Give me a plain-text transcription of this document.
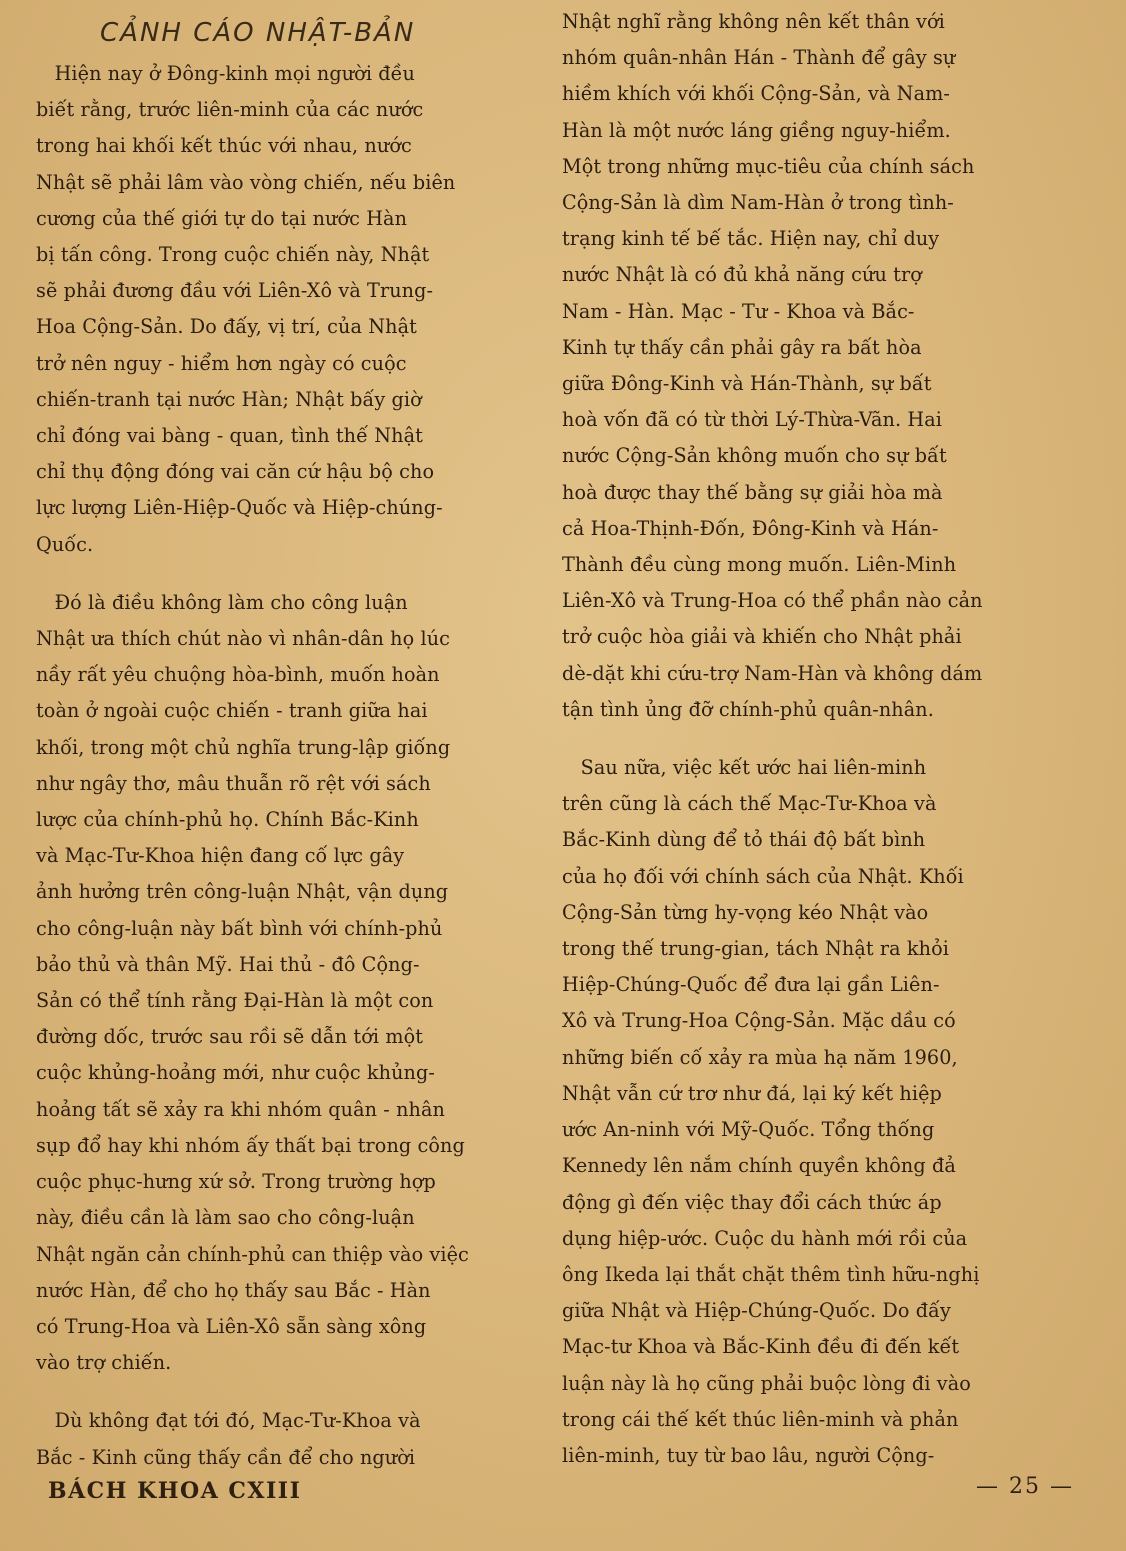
CẢNH CÁO NHẬT-BẢN

Hiện nay ở Đông-kinh mọi người đều
biết rằng, trước liên-minh của các nước
trong hai khối kết thúc với nhau, nước
Nhật sẽ phải lâm vào vòng chiến, nếu biên
cương của thế giới tự do tại nước Hàn
bị tấn công. Trong cuộc chiến này, Nhật
sẽ phải đương đầu với Liên-Xô và Trung-
Hoa Cộng-Sản. Do đấy, vị trí, của Nhật
trở nên nguy - hiểm hơn ngày có cuộc
chiến-tranh tại nước Hàn; Nhật bấy giờ
chỉ đóng vai bàng - quan, tình thế Nhật
chỉ thụ động đóng vai căn cứ hậu bộ cho
lực lượng Liên-Hiệp-Quốc và Hiệp-chúng-
Quốc.

Đó là điều không làm cho công luận
Nhật ưa thích chút nào vì nhân-dân họ lúc
nầy rất yêu chuộng hòa-bình, muốn hoàn
toàn ở ngoài cuộc chiến - tranh giữa hai
khối, trong một chủ nghĩa trung-lập giống
như ngây thơ, mâu thuẫn rõ rệt với sách
lược của chính-phủ họ. Chính Bắc-Kinh
và Mạc-Tư-Khoa hiện đang cố lực gây
ảnh hưởng trên công-luận Nhật, vận dụng
cho công-luận này bất bình với chính-phủ
bảo thủ và thân Mỹ. Hai thủ - đô Cộng-
Sản có thể tính rằng Đại-Hàn là một con
đường dốc, trước sau rồi sẽ dẫn tới một
cuộc khủng-hoảng mới, như cuộc khủng-
hoảng tất sẽ xảy ra khi nhóm quân - nhân
sụp đổ hay khi nhóm ấy thất bại trong công
cuộc phục-hưng xứ sở. Trong trường hợp
này, điều cần là làm sao cho công-luận
Nhật ngăn cản chính-phủ can thiệp vào việc
nước Hàn, để cho họ thấy sau Bắc - Hàn
có Trung-Hoa và Liên-Xô sẵn sàng xông
vào trợ chiến.

Dù không đạt tới đó, Mạc-Tư-Khoa và
Bắc - Kinh cũng thấy cần để cho người

Nhật nghĩ rằng không nên kết thân với
nhóm quân-nhân Hán - Thành để gây sự
hiềm khích với khối Cộng-Sản, và Nam-
Hàn là một nước láng giềng nguy-hiểm.
Một trong những mục-tiêu của chính sách
Cộng-Sản là dìm Nam-Hàn ở trong tình-
trạng kinh tế bế tắc. Hiện nay, chỉ duy
nước Nhật là có đủ khả năng cứu trợ
Nam - Hàn. Mạc - Tư - Khoa và Bắc-
Kinh tự thấy cần phải gây ra bất hòa
giữa Đông-Kinh và Hán-Thành, sự bất
hoà vốn đã có từ thời Lý-Thừa-Vãn. Hai
nước Cộng-Sản không muốn cho sự bất
hoà được thay thế bằng sự giải hòa mà
cả Hoa-Thịnh-Đốn, Đông-Kinh và Hán-
Thành đều cùng mong muốn. Liên-Minh
Liên-Xô và Trung-Hoa có thể phần nào cản
trở cuộc hòa giải và khiến cho Nhật phải
dè-dặt khi cứu-trợ Nam-Hàn và không dám
tận tình ủng đỡ chính-phủ quân-nhân.

Sau nữa, việc kết ước hai liên-minh
trên cũng là cách thế Mạc-Tư-Khoa và
Bắc-Kinh dùng để tỏ thái độ bất bình
của họ đối với chính sách của Nhật. Khối
Cộng-Sản từng hy-vọng kéo Nhật vào
trong thế trung-gian, tách Nhật ra khỏi
Hiệp-Chúng-Quốc để đưa lại gần Liên-
Xô và Trung-Hoa Cộng-Sản. Mặc dầu có
những biến cố xảy ra mùa hạ năm 1960,
Nhật vẫn cứ trơ như đá, lại ký kết hiệp
ước An-ninh với Mỹ-Quốc. Tổng thống
Kennedy lên nắm chính quyền không đả
động gì đến việc thay đổi cách thức áp
dụng hiệp-ước. Cuộc du hành mới rồi của
ông Ikeda lại thắt chặt thêm tình hữu-nghị
giữa Nhật và Hiệp-Chúng-Quốc. Do đấy
Mạc-tư Khoa và Bắc-Kinh đều đi đến kết
luận này là họ cũng phải buộc lòng đi vào
trong cái thế kết thúc liên-minh và phản
liên-minh, tuy từ bao lâu, người Cộng-

BÁCH KHOA CXIII	— 25 —
